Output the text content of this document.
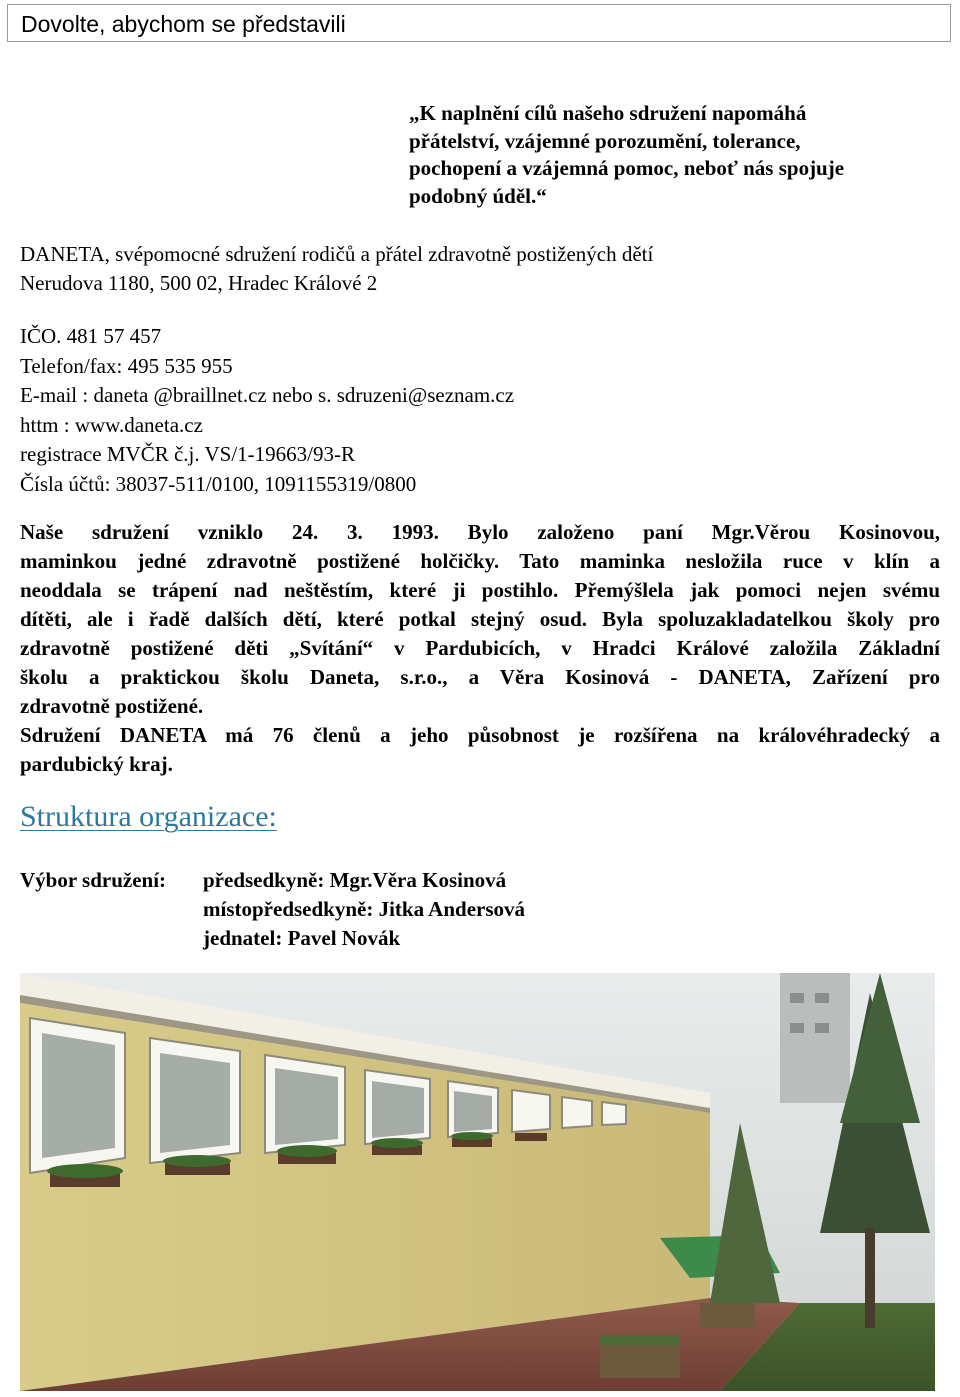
Dovolte, abychom se představili
„K naplnění cílů našeho sdružení napomáhá
přátelství, vzájemné porozumění, tolerance,
pochopení a vzájemná pomoc, neboť nás spojuje
podobný úděl.“
DANETA, svépomocné sdružení rodičů a přátel zdravotně postižených dětí
Nerudova 1180, 500 02, Hradec Králové 2
IČO. 481 57 457
Telefon/fax: 495 535 955
E-mail : daneta @braillnet.cz nebo s. sdruzeni@seznam.cz
httm : www.daneta.cz
registrace MVČR č.j. VS/1-19663/93-R
Čísla účtů: 38037-511/0100, 1091155319/0800
Naše sdružení vzniklo 24. 3. 1993. Bylo založeno paní Mgr.Věrou Kosinovou,
maminkou jedné zdravotně postižené holčičky. Tato maminka nesložila ruce v klín a
neoddala se trápení nad neštěstím, které ji postihlo. Přemýšlela jak pomoci nejen svému
dítěti, ale i řadě dalších dětí, které potkal stejný osud. Byla spoluzakladatelkou školy pro
zdravotně postižené děti „Svítání“ v Pardubicích, v Hradci Králové založila Základní
školu a praktickou školu Daneta, s.r.o., a Věra Kosinová - DANETA, Zařízení pro
zdravotně postižené.
Sdružení DANETA má 76 členů a jeho působnost je rozšířena na královéhradecký a
pardubický kraj.
Struktura organizace:
Výbor sdružení: předsedkyně: Mgr.Věra Kosinová
místopředsedkyně: Jitka Andersová
jednatel: Pavel Novák
